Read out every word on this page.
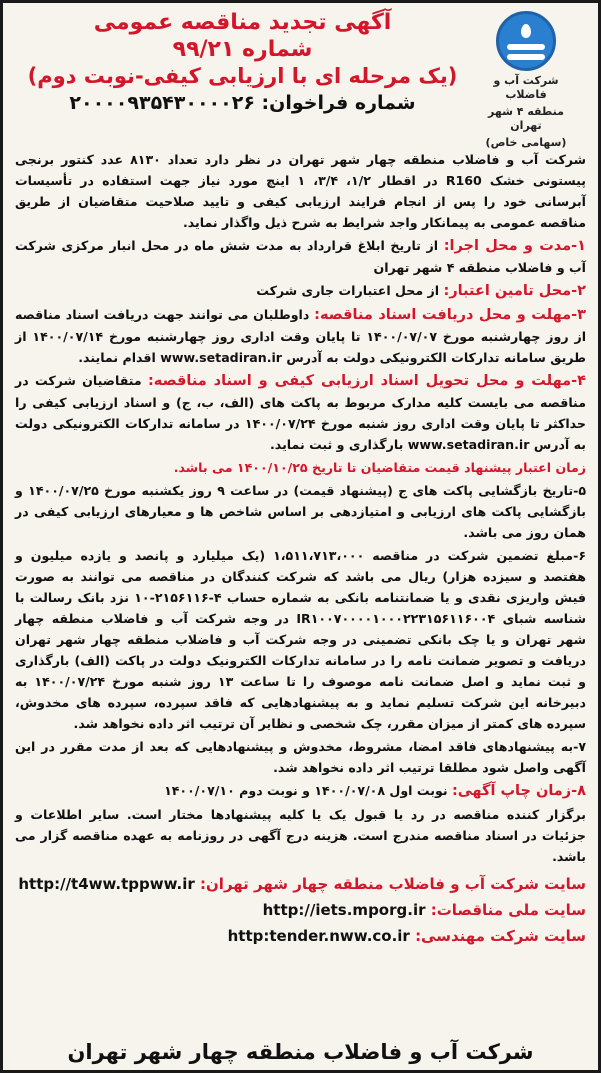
شرکت آب و فاضلاب
منطقه ۴ شهر تهران
(سهامی خاص)
آگهی تجدید مناقصه عمومی
شماره ۹۹/۲۱
(یک مرحله ای با ارزیابی کیفی-نوبت دوم)
شماره فراخوان: ۲۰۰۰۰۹۳۵۴۳۰۰۰۰۲۶

شرکت آب و فاضلاب منطقه چهار شهر تهران در نظر دارد تعداد ۸۱۳۰ عدد کنتور برنجی پیستونی خشک R160 در اقطار ۱/۲، ۳/۴، ۱ اینچ مورد نیاز جهت استفاده در تأسیسات آبرسانی خود را پس از انجام فرایند ارزیابی کیفی و تایید صلاحیت متقاضیان از طریق مناقصه عمومی به پیمانکار واجد شرایط به شرح ذیل واگذار نماید.

۱-مدت و محل اجرا: از تاریخ ابلاغ قرارداد به مدت شش ماه در محل انبار مرکزی شرکت آب و فاضلاب منطقه ۴ شهر تهران

۲-محل تامین اعتبار: از محل اعتبارات جاری شرکت

۳-مهلت و محل دریافت اسناد مناقصه: داوطلبان می توانند جهت دریافت اسناد مناقصه از روز چهارشنبه مورخ ۱۴۰۰/۰۷/۰۷ تا پایان وقت اداری روز چهارشنبه مورخ ۱۴۰۰/۰۷/۱۴ از طریق سامانه تدارکات الکترونیکی دولت به آدرس www.setadiran.ir اقدام نمایند.

۴-مهلت و محل تحویل اسناد ارزیابی کیفی و اسناد مناقصه: متقاضیان شرکت در مناقصه می بایست کلیه مدارک مربوط به پاکت های (الف، ب، ج) و اسناد ارزیابی کیفی را حداکثر تا پایان وقت اداری روز شنبه مورخ ۱۴۰۰/۰۷/۲۴ در سامانه تدارکات الکترونیکی دولت به آدرس www.setadiran.ir بارگذاری و ثبت نماید.

زمان اعتبار پیشنهاد قیمت متقاضیان تا تاریخ ۱۴۰۰/۱۰/۲۵ می باشد.

۵-تاریخ بازگشایی پاکت های ج (پیشنهاد قیمت) در ساعت ۹ روز یکشنبه مورخ ۱۴۰۰/۰۷/۲۵ و بازگشایی پاکت های ارزیابی و امتیازدهی بر اساس شاخص ها و معیارهای ارزیابی کیفی در همان روز می باشد.

۶-مبلغ تضمین شرکت در مناقصه ۱،۵۱۱،۷۱۳،۰۰۰ (یک میلیارد و پانصد و یازده میلیون و هفتصد و سیزده هزار) ریال می باشد که شرکت کنندگان در مناقصه می توانند به صورت فیش واریزی نقدی و یا ضمانتنامه بانکی به شماره حساب ۴-۲۱۵۶۱۱۶-۱۰ نزد بانک رسالت با شناسه شبای IR۱۰۰۷۰۰۰۰۱۰۰۰۲۲۳۱۵۶۱۱۶۰۰۴ در وجه شرکت آب و فاضلاب منطقه چهار شهر تهران و یا چک بانکی تضمینی در وجه شرکت آب و فاضلاب منطقه چهار شهر تهران دریافت و تصویر ضمانت نامه را در سامانه تدارکات الکترونیک دولت در پاکت (الف) بارگذاری و ثبت نماید و اصل ضمانت نامه موصوف را تا ساعت ۱۳ روز شنبه مورخ ۱۴۰۰/۰۷/۲۴ به دبیرخانه این شرکت تسلیم نماید و به پیشنهادهایی که فاقد سپرده، سپرده های مخدوش، سپرده های کمتر از میزان مقرر، چک شخصی و نظایر آن ترتیب اثر داده نخواهد شد.

۷-به پیشنهادهای فاقد امضا، مشروط، مخدوش و پیشنهادهایی که بعد از مدت مقرر در این آگهی واصل شود مطلقا ترتیب اثر داده نخواهد شد.

۸-زمان چاپ آگهی: نوبت اول ۱۴۰۰/۰۷/۰۸ و نوبت دوم ۱۴۰۰/۰۷/۱۰

برگزار کننده مناقصه در رد یا قبول یک یا کلیه پیشنهادها مختار است. سایر اطلاعات و جزئیات در اسناد مناقصه مندرج است. هزینه درج آگهی در روزنامه به عهده مناقصه گزار می باشد.

سایت شرکت آب و فاضلاب منطقه چهار شهر تهران: http://t4ww.tppww.ir
سایت ملی مناقصات: http://iets.mporg.ir
سایت شرکت مهندسی: http:tender.nww.co.ir
شرکت آب و فاضلاب منطقه چهار شهر تهران
